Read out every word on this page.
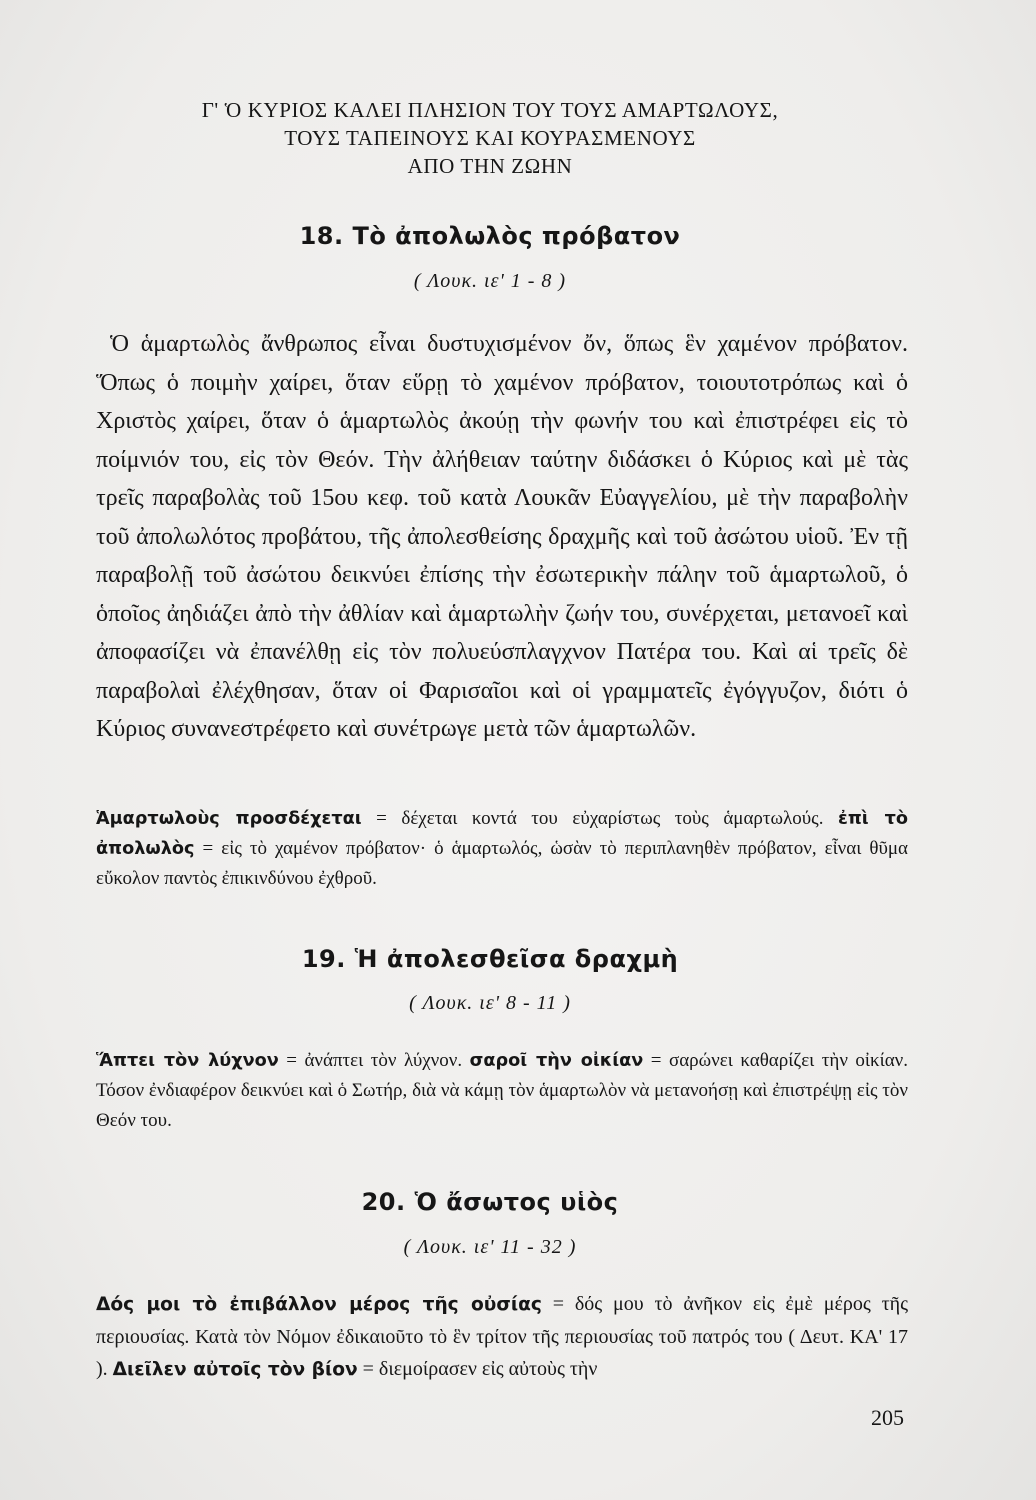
Γ' Ὁ ΚΥΡΙΟΣ ΚΑΛΕΙ ΠΛΗΣΙΟΝ ΤΟΥ ΤΟΥΣ ΑΜΑΡΤΩΛΟΥΣ,
ΤΟΥΣ ΤΑΠΕΙΝΟΥΣ ΚΑΙ ΚΟΥΡΑΣΜΕΝΟΥΣ
ΑΠΟ ΤΗΝ ΖΩΗΝ
18. Τὸ ἀπολωλὸς πρόβατον
( Λουκ. ιε' 1 - 8 )

Ὁ ἁμαρτωλὸς ἄνθρωπος εἶναι δυστυχισμένον ὄν, ὅπως ἓν χαμένον πρόβατον. Ὅπως ὁ ποιμὴν χαίρει, ὅταν εὕρῃ τὸ χαμένον πρόβατον, τοιουτοτρόπως καὶ ὁ Χριστὸς χαίρει, ὅταν ὁ ἁμαρτωλὸς ἀκούῃ τὴν φωνήν του καὶ ἐπιστρέφει εἰς τὸ ποίμνιόν του, εἰς τὸν Θεόν. Τὴν ἀλήθειαν ταύτην διδάσκει ὁ Κύριος καὶ μὲ τὰς τρεῖς παραβολὰς τοῦ 15ου κεφ. τοῦ κατὰ Λουκᾶν Εὐαγγελίου, μὲ τὴν παραβολὴν τοῦ ἀπολωλότος προβάτου, τῆς ἀπολεσθείσης δραχμῆς καὶ τοῦ ἀσώτου υἱοῦ. Ἐν τῇ παραβολῇ τοῦ ἀσώτου δεικνύει ἐπίσης τὴν ἐσωτερικὴν πάλην τοῦ ἁμαρτωλοῦ, ὁ ὁποῖος ἀηδιάζει ἀπὸ τὴν ἀθλίαν καὶ ἁμαρτωλὴν ζωήν του, συνέρχεται, μετανοεῖ καὶ ἀποφασίζει νὰ ἐπανέλθῃ εἰς τὸν πολυεύσπλαγχνον Πατέρα του. Καὶ αἱ τρεῖς δὲ παραβολαὶ ἐλέχθησαν, ὅταν οἱ Φαρισαῖοι καὶ οἱ γραμματεῖς ἐγόγγυζον, διότι ὁ Κύριος συνανεστρέφετο καὶ συνέτρωγε μετὰ τῶν ἁμαρτωλῶν.

Ἁμαρτωλοὺς προσδέχεται = δέχεται κοντά του εὐχαρίστως τοὺς ἁμαρτωλούς. ἐπὶ τὸ ἀπολωλὸς = εἰς τὸ χαμένον πρόβατον· ὁ ἁμαρτωλός, ὡσὰν τὸ περιπλανηθὲν πρόβατον, εἶναι θῦμα εὔκολον παντὸς ἐπικινδύνου ἐχθροῦ.

19. Ἡ ἀπολεσθεῖσα δραχμὴ
( Λουκ. ιε' 8 - 11 )

Ἅπτει τὸν λύχνον = ἀνάπτει τὸν λύχνον. σαροῖ τὴν οἰκίαν = σαρώνει καθαρίζει τὴν οἰκίαν. Τόσον ἐνδιαφέρον δεικνύει καὶ ὁ Σωτήρ, διὰ νὰ κάμῃ τὸν ἁμαρτωλὸν νὰ μετανοήσῃ καὶ ἐπιστρέψῃ εἰς τὸν Θεόν του.

20. Ὁ ἄσωτος υἱὸς
( Λουκ. ιε' 11 - 32 )

Δός μοι τὸ ἐπιβάλλον μέρος τῆς οὐσίας = δός μου τὸ ἀνῆκον εἰς ἐμὲ μέρος τῆς περιουσίας. Κατὰ τὸν Νόμον ἐδικαιοῦτο τὸ ἓν τρίτον τῆς περιουσίας τοῦ πατρός του ( Δευτ. ΚΑ' 17 ). Διεῖλεν αὐτοῖς τὸν βίον = διεμοίρασεν εἰς αὐτοὺς τὴν

205
